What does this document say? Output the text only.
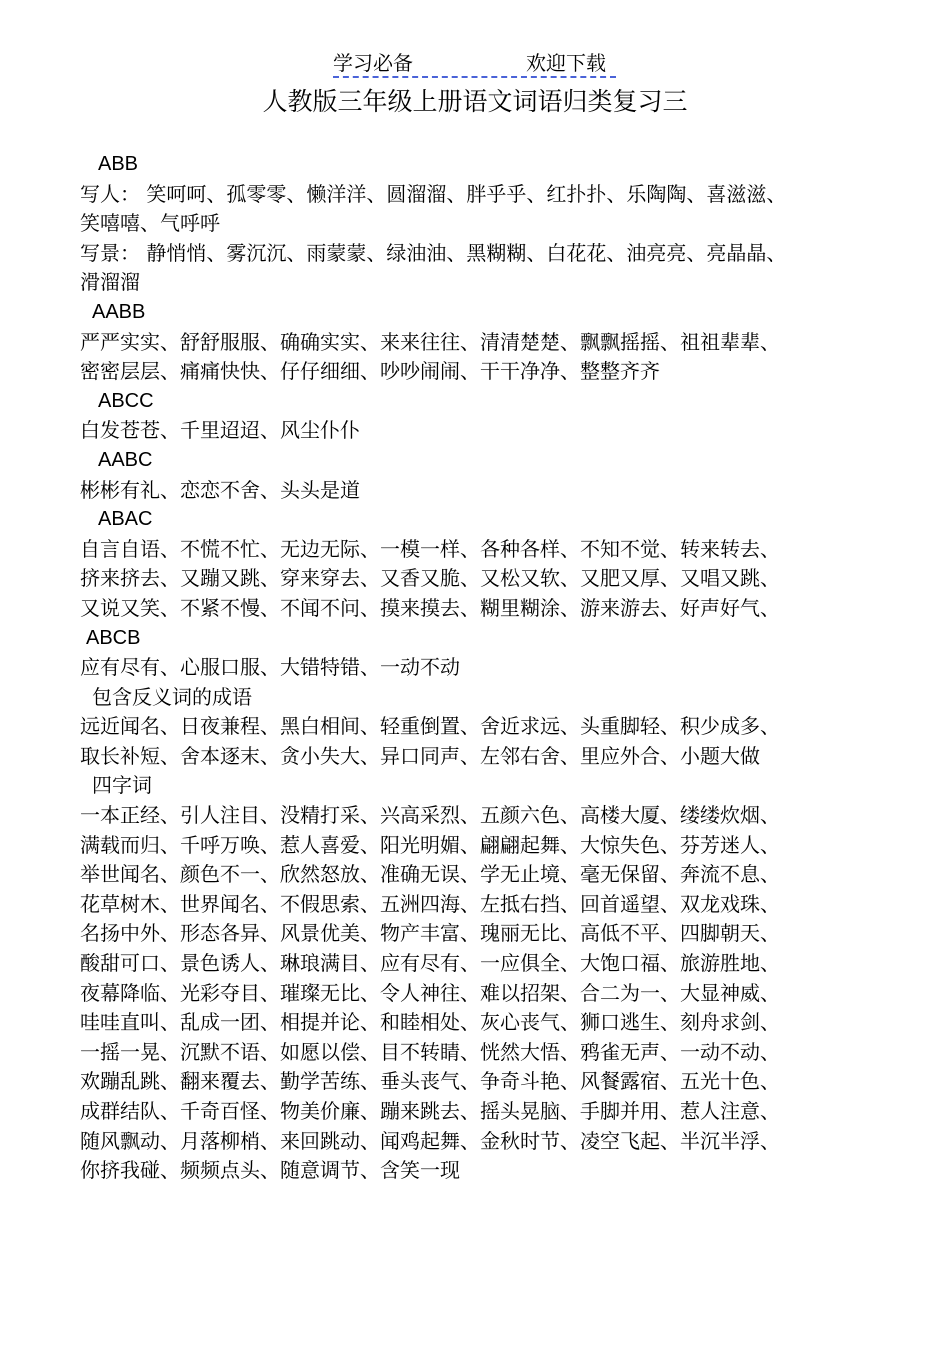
学习必备	欢迎下载
人教版三年级上册语文词语归类复习三

ABB

写人： 笑呵呵、孤零零、懒洋洋、圆溜溜、胖乎乎、红扑扑、乐陶陶、喜滋滋、

笑嘻嘻、气呼呼

写景： 静悄悄、雾沉沉、雨蒙蒙、绿油油、黑糊糊、白花花、油亮亮、亮晶晶、

滑溜溜

AABB

严严实实、舒舒服服、确确实实、来来往往、清清楚楚、飘飘摇摇、祖祖辈辈、

密密层层、痛痛快快、仔仔细细、吵吵闹闹、干干净净、整整齐齐

ABCC

白发苍苍、千里迢迢、风尘仆仆

AABC

彬彬有礼、恋恋不舍、头头是道

ABAC

自言自语、不慌不忙、无边无际、一模一样、各种各样、不知不觉、转来转去、

挤来挤去、又蹦又跳、穿来穿去、又香又脆、又松又软、又肥又厚、又唱又跳、

又说又笑、不紧不慢、不闻不问、摸来摸去、糊里糊涂、游来游去、好声好气、

ABCB

应有尽有、心服口服、大错特错、一动不动

包含反义词的成语

远近闻名、日夜兼程、黑白相间、轻重倒置、舍近求远、头重脚轻、积少成多、

取长补短、舍本逐末、贪小失大、异口同声、左邻右舍、里应外合、小题大做

四字词

一本正经、引人注目、没精打采、兴高采烈、五颜六色、高楼大厦、缕缕炊烟、

满载而归、千呼万唤、惹人喜爱、阳光明媚、翩翩起舞、大惊失色、芬芳迷人、

举世闻名、颜色不一、欣然怒放、准确无误、学无止境、毫无保留、奔流不息、

花草树木、世界闻名、不假思索、五洲四海、左抵右挡、回首遥望、双龙戏珠、

名扬中外、形态各异、风景优美、物产丰富、瑰丽无比、高低不平、四脚朝天、

酸甜可口、景色诱人、琳琅满目、应有尽有、一应俱全、大饱口福、旅游胜地、

夜幕降临、光彩夺目、璀璨无比、令人神往、难以招架、合二为一、大显神威、

哇哇直叫、乱成一团、相提并论、和睦相处、灰心丧气、狮口逃生、刻舟求剑、

一摇一晃、沉默不语、如愿以偿、目不转睛、恍然大悟、鸦雀无声、一动不动、

欢蹦乱跳、翻来覆去、勤学苦练、垂头丧气、争奇斗艳、风餐露宿、五光十色、

成群结队、千奇百怪、物美价廉、蹦来跳去、摇头晃脑、手脚并用、惹人注意、

随风飘动、月落柳梢、来回跳动、闻鸡起舞、金秋时节、凌空飞起、半沉半浮、

你挤我碰、频频点头、随意调节、含笑一现
